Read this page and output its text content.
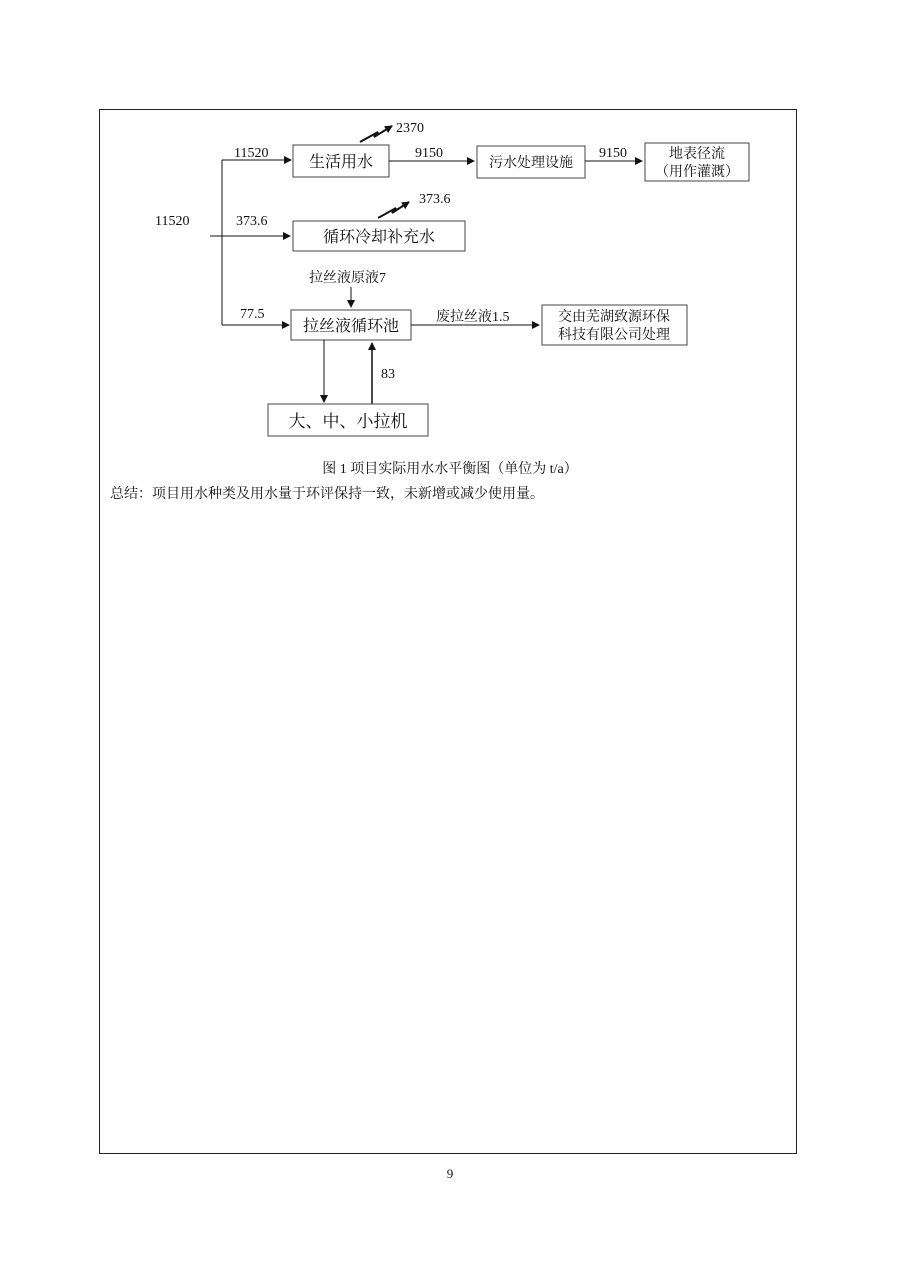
生活用水	污水处理设施
地表径流
（用作灌溉）
循环冷却补充水
拉丝液循环池
交由芜湖致源环保
科技有限公司处理
大、中、小拉机
11520
11520
2370
9150	9150
373.6
373.6
77.5
拉丝液原液7
废拉丝液1.5
83
图 1 项目实际用水水平衡图（单位为 t/a）
总结：项目用水种类及用水量于环评保持一致，未新增或减少使用量。
9
